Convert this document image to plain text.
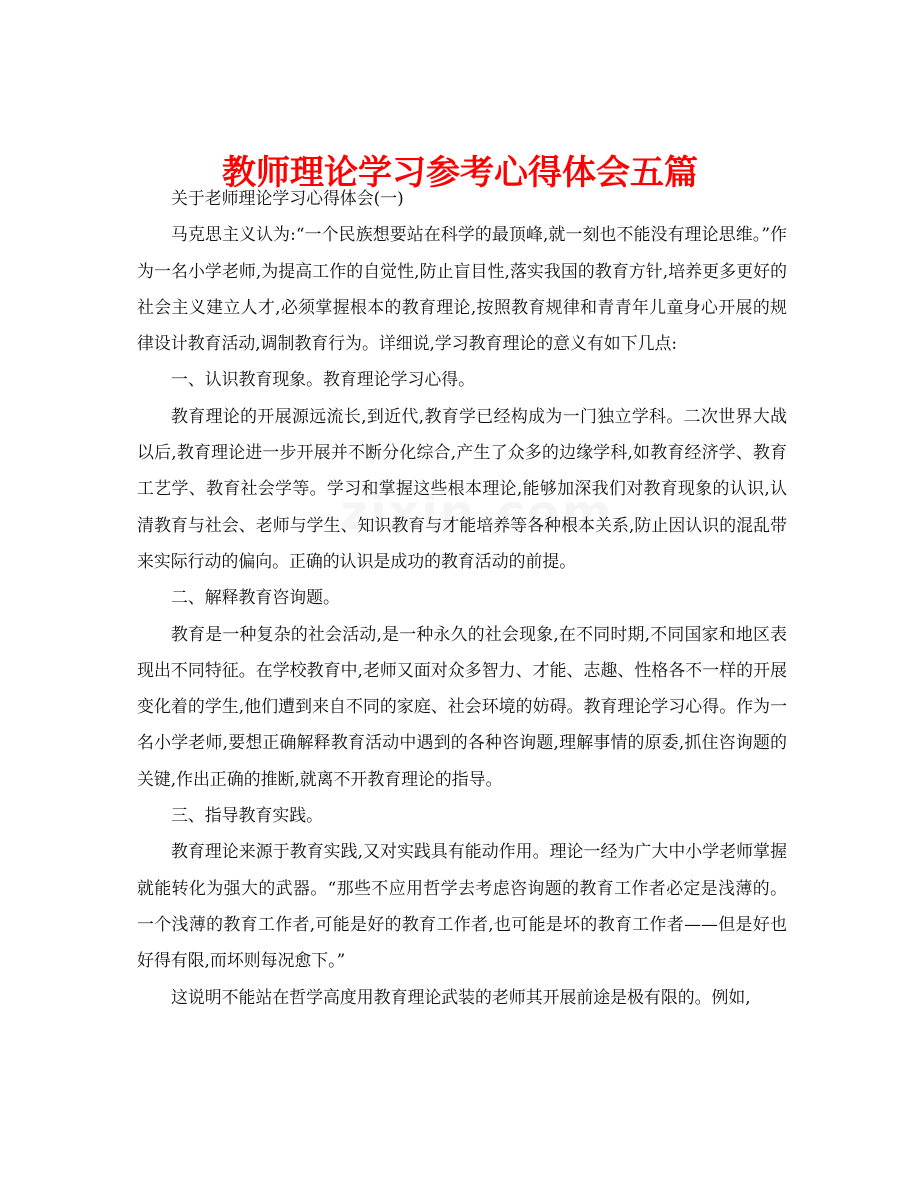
教师理论学习参考心得体会五篇

关于老师理论学习心得体会(一)

马克思主义认为:“一个民族想要站在科学的最顶峰,就一刻也不能没有理论思维。”作为一名小学老师,为提高工作的自觉性,防止盲目性,落实我国的教育方针,培养更多更好的社会主义建立人才,必须掌握根本的教育理论,按照教育规律和青青年儿童身心开展的规律设计教育活动,调制教育行为。详细说,学习教育理论的意义有如下几点:

一、认识教育现象。教育理论学习心得。

教育理论的开展源远流长,到近代,教育学已经构成为一门独立学科。二次世界大战以后,教育理论进一步开展并不断分化综合,产生了众多的边缘学科,如教育经济学、教育工艺学、教育社会学等。学习和掌握这些根本理论,能够加深我们对教育现象的认识,认清教育与社会、老师与学生、知识教育与才能培养等各种根本关系,防止因认识的混乱带来实际行动的偏向。正确的认识是成功的教育活动的前提。

二、解释教育咨询题。

教育是一种复杂的社会活动,是一种永久的社会现象,在不同时期,不同国家和地区表现出不同特征。在学校教育中,老师又面对众多智力、才能、志趣、性格各不一样的开展变化着的学生,他们遭到来自不同的家庭、社会环境的妨碍。教育理论学习心得。作为一名小学老师,要想正确解释教育活动中遇到的各种咨询题,理解事情的原委,抓住咨询题的关键,作出正确的推断,就离不开教育理论的指导。

三、指导教育实践。

教育理论来源于教育实践,又对实践具有能动作用。理论一经为广大中小学老师掌握就能转化为强大的武器。“那些不应用哲学去考虑咨询题的教育工作者必定是浅薄的。一个浅薄的教育工作者,可能是好的教育工作者,也可能是坏的教育工作者——但是好也好得有限,而坏则每况愈下。”

这说明不能站在哲学高度用教育理论武装的老师其开展前途是极有限的。例如,
